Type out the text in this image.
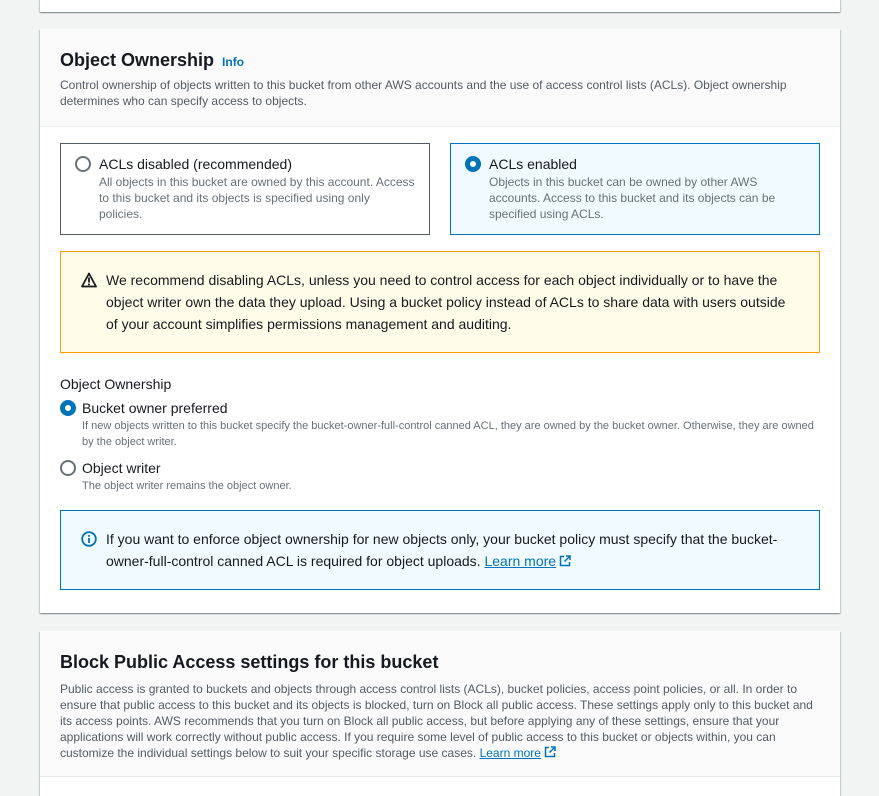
Object Ownership Info

Control ownership of objects written to this bucket from other AWS accounts and the use of access control lists (ACLs). Object ownership determines who can specify access to objects.

ACLs disabled (recommended)
All objects in this bucket are owned by this account. Access to this bucket and its objects is specified using only policies.
ACLs enabled
Objects in this bucket can be owned by other AWS accounts. Access to this bucket and its objects can be specified using ACLs.
We recommend disabling ACLs, unless you need to control access for each object individually or to have the object writer own the data they upload. Using a bucket policy instead of ACLs to share data with users outside of your account simplifies permissions management and auditing.
Object Ownership
Bucket owner preferred
If new objects written to this bucket specify the bucket-owner-full-control canned ACL, they are owned by the bucket owner. Otherwise, they are owned by the object writer.
Object writer
The object writer remains the object owner.
If you want to enforce object ownership for new objects only, your bucket policy must specify that the bucket-owner-full-control canned ACL is required for object uploads. Learn more
Block Public Access settings for this bucket

Public access is granted to buckets and objects through access control lists (ACLs), bucket policies, access point policies, or all. In order to ensure that public access to this bucket and its objects is blocked, turn on Block all public access. These settings apply only to this bucket and its access points. AWS recommends that you turn on Block all public access, but before applying any of these settings, ensure that your applications will work correctly without public access. If you require some level of public access to this bucket or objects within, you can customize the individual settings below to suit your specific storage use cases. Learn more
